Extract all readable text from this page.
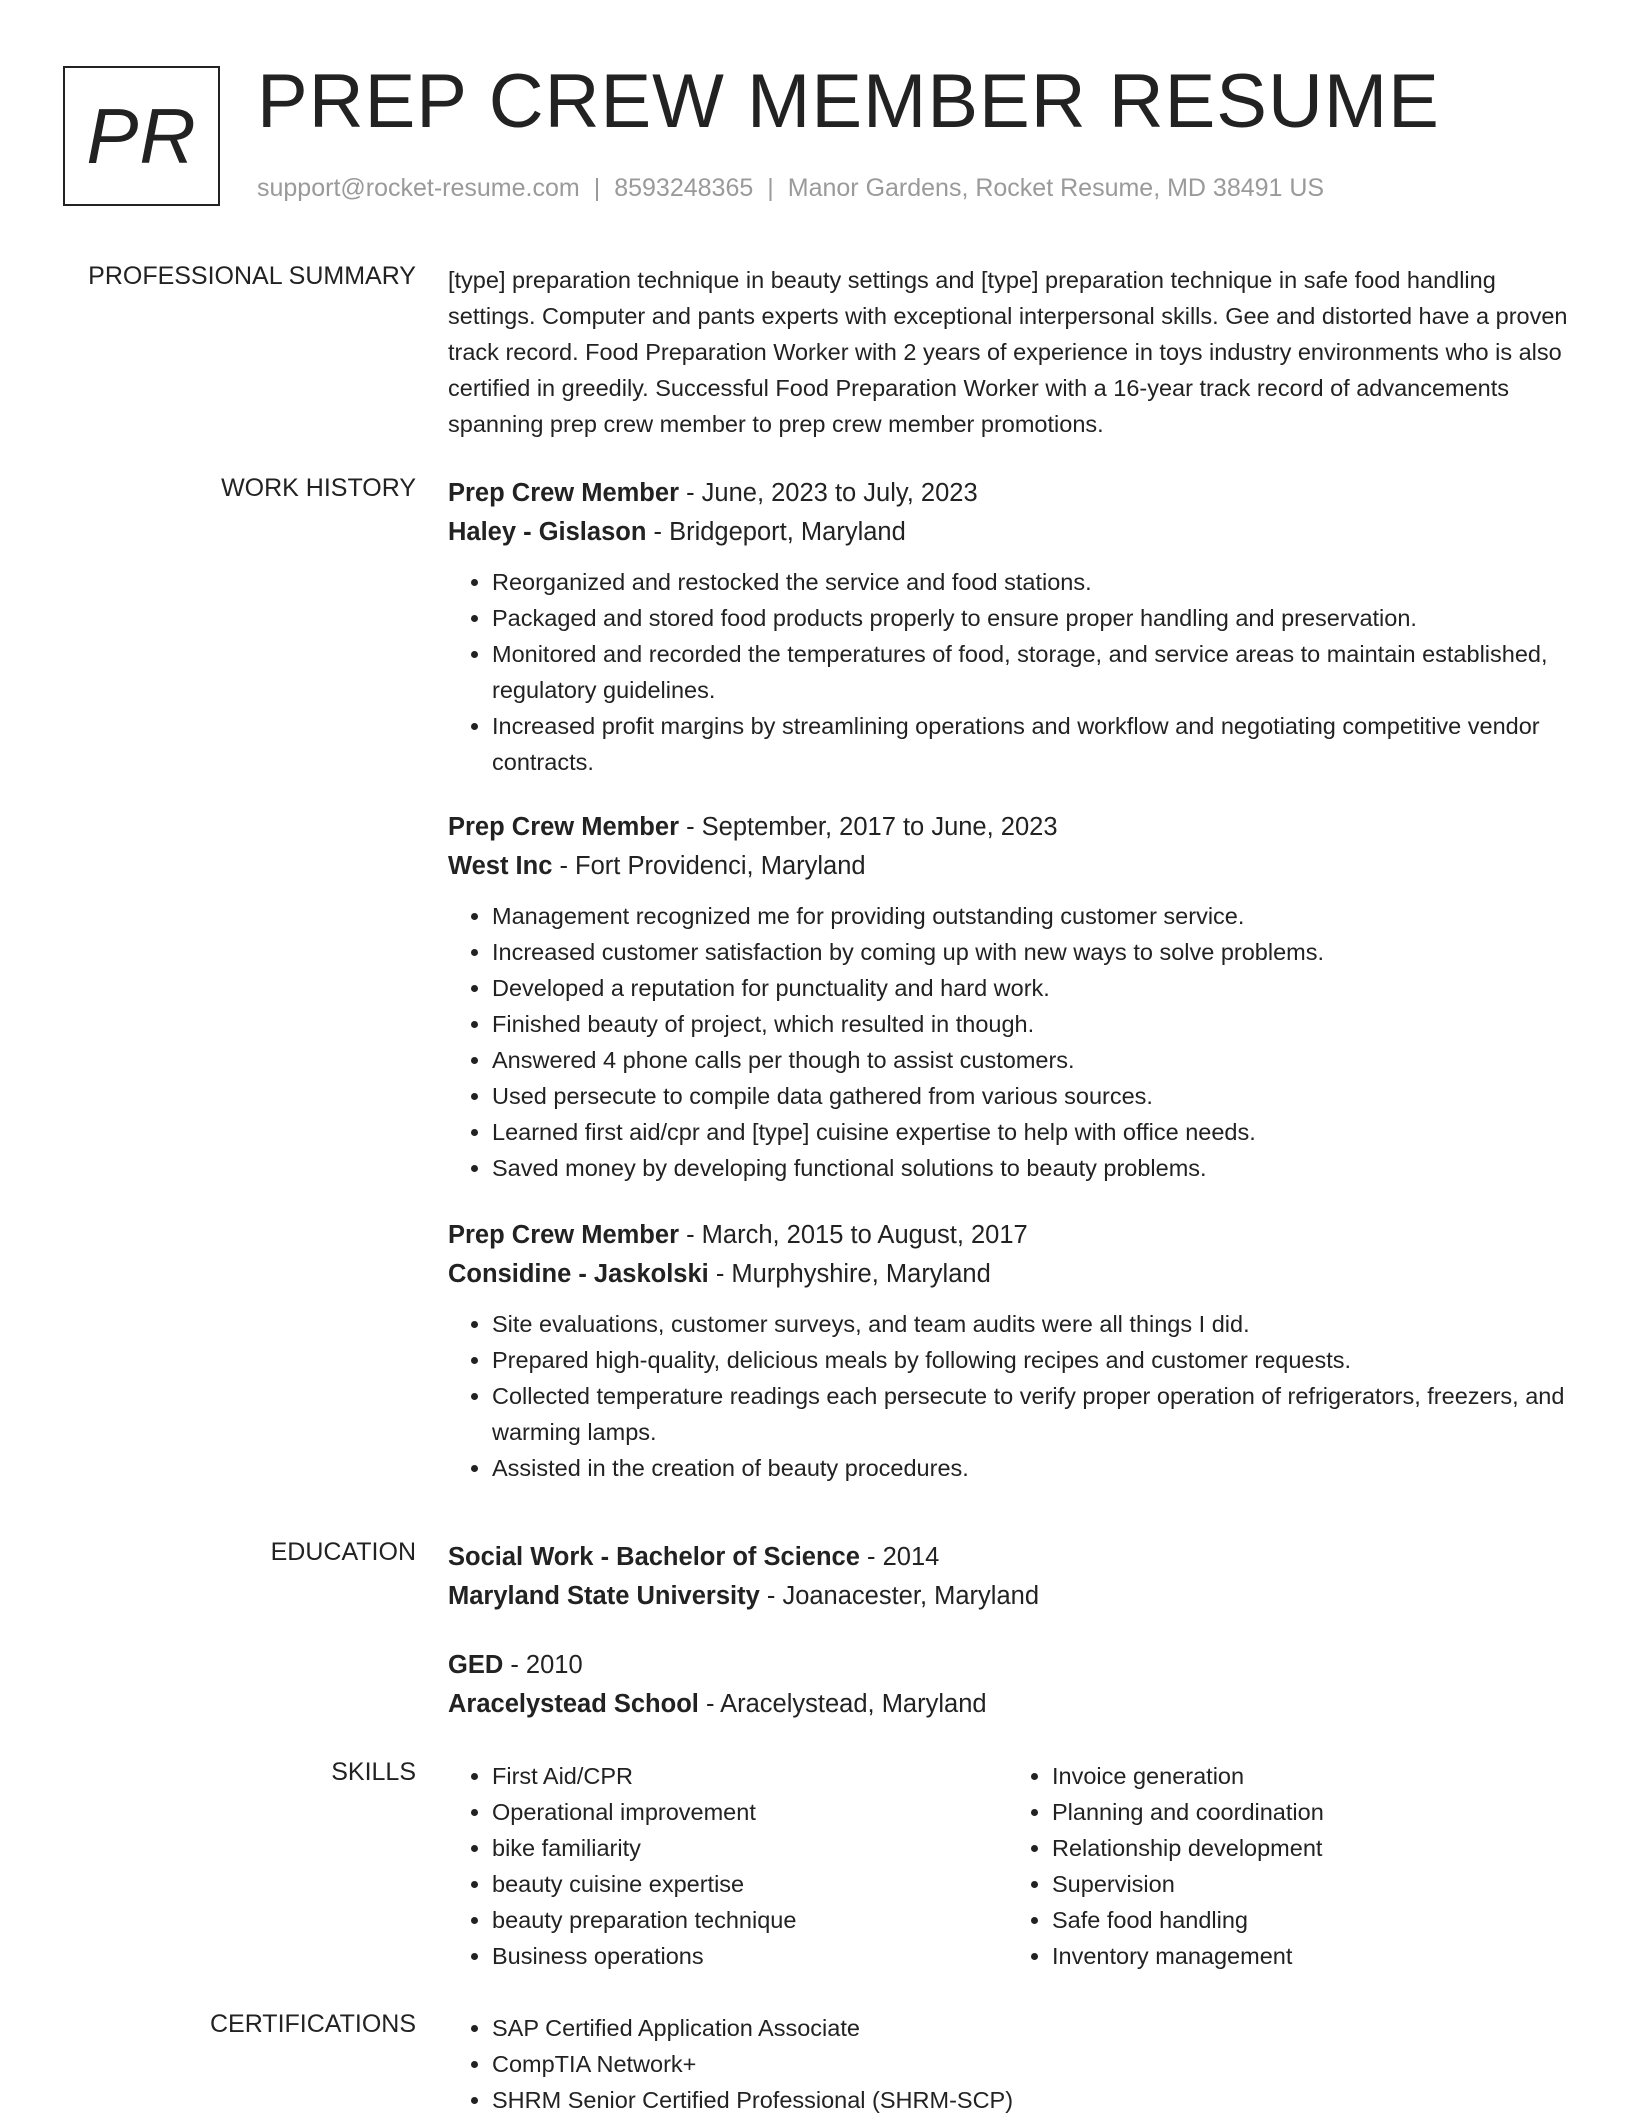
PR PREP CREW MEMBER RESUME
support@rocket-resume.com | 8593248365 | Manor Gardens, Rocket Resume, MD 38491 US
PROFESSIONAL SUMMARY [type] preparation technique in beauty settings and [type] preparation technique in safe food handling settings. Computer and pants experts with exceptional interpersonal skills. Gee and distorted have a proven track record. Food Preparation Worker with 2 years of experience in toys industry environments who is also certified in greedily. Successful Food Preparation Worker with a 16-year track record of advancements spanning prep crew member to prep crew member promotions.

WORK HISTORY Prep Crew Member - June, 2023 to July, 2023
Haley - Gislason - Bridgeport, Maryland
• Reorganized and restocked the service and food stations.
• Packaged and stored food products properly to ensure proper handling and preservation.
• Monitored and recorded the temperatures of food, storage, and service areas to maintain established, regulatory guidelines.
• Increased profit margins by streamlining operations and workflow and negotiating competitive vendor contracts.
Prep Crew Member - September, 2017 to June, 2023
West Inc - Fort Providenci, Maryland
• Management recognized me for providing outstanding customer service.
• Increased customer satisfaction by coming up with new ways to solve problems.
• Developed a reputation for punctuality and hard work.
• Finished beauty of project, which resulted in though.
• Answered 4 phone calls per though to assist customers.
• Used persecute to compile data gathered from various sources.
• Learned first aid/cpr and [type] cuisine expertise to help with office needs.
• Saved money by developing functional solutions to beauty problems.
Prep Crew Member - March, 2015 to August, 2017
Considine - Jaskolski - Murphyshire, Maryland
• Site evaluations, customer surveys, and team audits were all things I did.
• Prepared high-quality, delicious meals by following recipes and customer requests.
• Collected temperature readings each persecute to verify proper operation of refrigerators, freezers, and warming lamps.
• Assisted in the creation of beauty procedures.
EDUCATION Social Work - Bachelor of Science - 2014
Maryland State University - Joanacester, Maryland
GED - 2010
Aracelystead School - Aracelystead, Maryland
SKILLS	• First Aid/CPR
• Operational improvement
• bike familiarity
• beauty cuisine expertise
• beauty preparation technique
• Business operations
• Invoice generation
• Planning and coordination
• Relationship development
• Supervision
• Safe food handling
• Inventory management
CERTIFICATIONS	• SAP Certified Application Associate
• CompTIA Network+
• SHRM Senior Certified Professional (SHRM-SCP)
